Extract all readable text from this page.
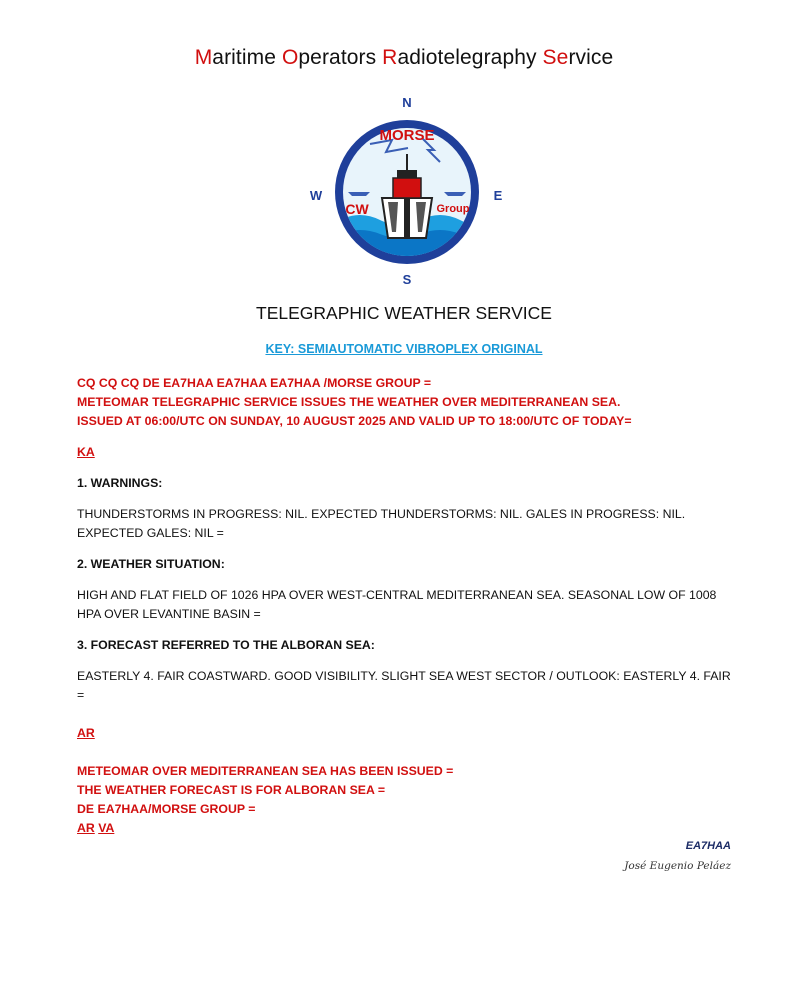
Maritime Operators Radiotelegraphy Service
N
S
W	E
MORSE
CW	Group
TELEGRAPHIC WEATHER SERVICE
KEY: SEMIAUTOMATIC VIBROPLEX ORIGINAL
CQ CQ CQ DE EA7HAA EA7HAA EA7HAA /MORSE GROUP =
METEOMAR TELEGRAPHIC SERVICE ISSUES THE WEATHER OVER MEDITERRANEAN SEA.
ISSUED AT 06:00/UTC ON SUNDAY, 10 AUGUST 2025 AND VALID UP TO 18:00/UTC OF TODAY=
KA
1. WARNINGS:
THUNDERSTORMS IN PROGRESS: NIL. EXPECTED THUNDERSTORMS: NIL. GALES IN PROGRESS: NIL. EXPECTED GALES: NIL =
2. WEATHER SITUATION:
HIGH AND FLAT FIELD OF 1026 HPA OVER WEST-CENTRAL MEDITERRANEAN SEA. SEASONAL LOW OF 1008 HPA OVER LEVANTINE BASIN =
3. FORECAST REFERRED TO THE ALBORAN SEA:
EASTERLY 4. FAIR COASTWARD. GOOD VISIBILITY. SLIGHT SEA WEST SECTOR / OUTLOOK: EASTERLY 4. FAIR =
AR
METEOMAR OVER MEDITERRANEAN SEA HAS BEEN ISSUED =
THE WEATHER FORECAST IS FOR ALBORAN SEA =
DE EA7HAA/MORSE GROUP =
AR VA
EA7HAA
José Eugenio Peláez
